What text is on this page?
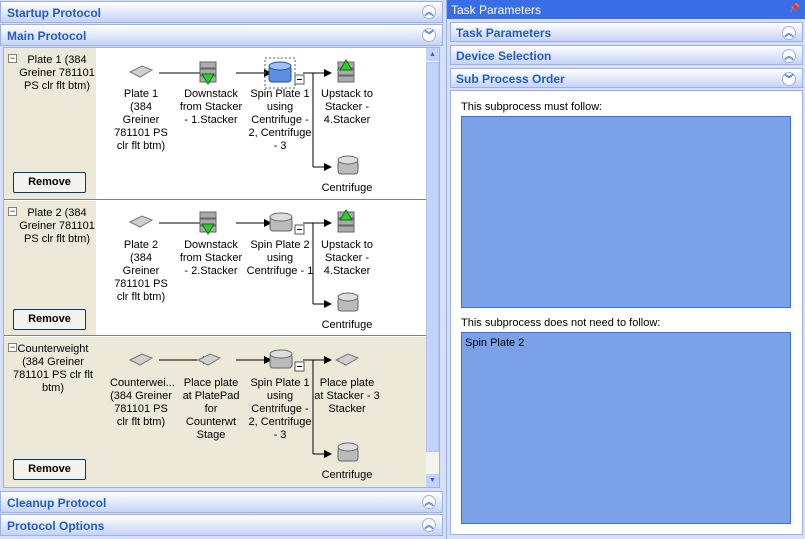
Startup Protocol	︽
Main Protocol	︾
−	Plate 1 (384 Greiner 781101 PS clr flt btm)
Remove
Plate 1 (384 Greiner 781101 PS clr flt btm)
Downstack from Stacker - 1.Stacker
Spin Plate 1 using Centrifuge - 2, Centrifuge - 3
Upstack to Stacker - 4.Stacker
Centrifuge
−	Plate 2 (384 Greiner 781101 PS clr flt btm)
Remove
Plate 2 (384 Greiner 781101 PS clr flt btm)
Downstack from Stacker - 2.Stacker
Spin Plate 2 using Centrifuge - 1
Upstack to Stacker - 4.Stacker
Centrifuge
− Counterweight (384 Greiner 781101 PS clr flt btm)
Remove
Counterwei... (384 Greiner 781101 PS clr flt btm)
Place plate at PlatePad for Counterwt Stage
Spin Plate 1 using Centrifuge - 2, Centrifuge - 3
Place plate at Stacker - 3 Stacker
Centrifuge
▲
▼
Cleanup Protocol	︽
Protocol Options	︽
Task Parameters	📌
Task Parameters	︽
Device Selection	︽
Sub Process Order	︾
This subprocess must follow:
This subprocess does not need to follow:
Spin Plate 2
